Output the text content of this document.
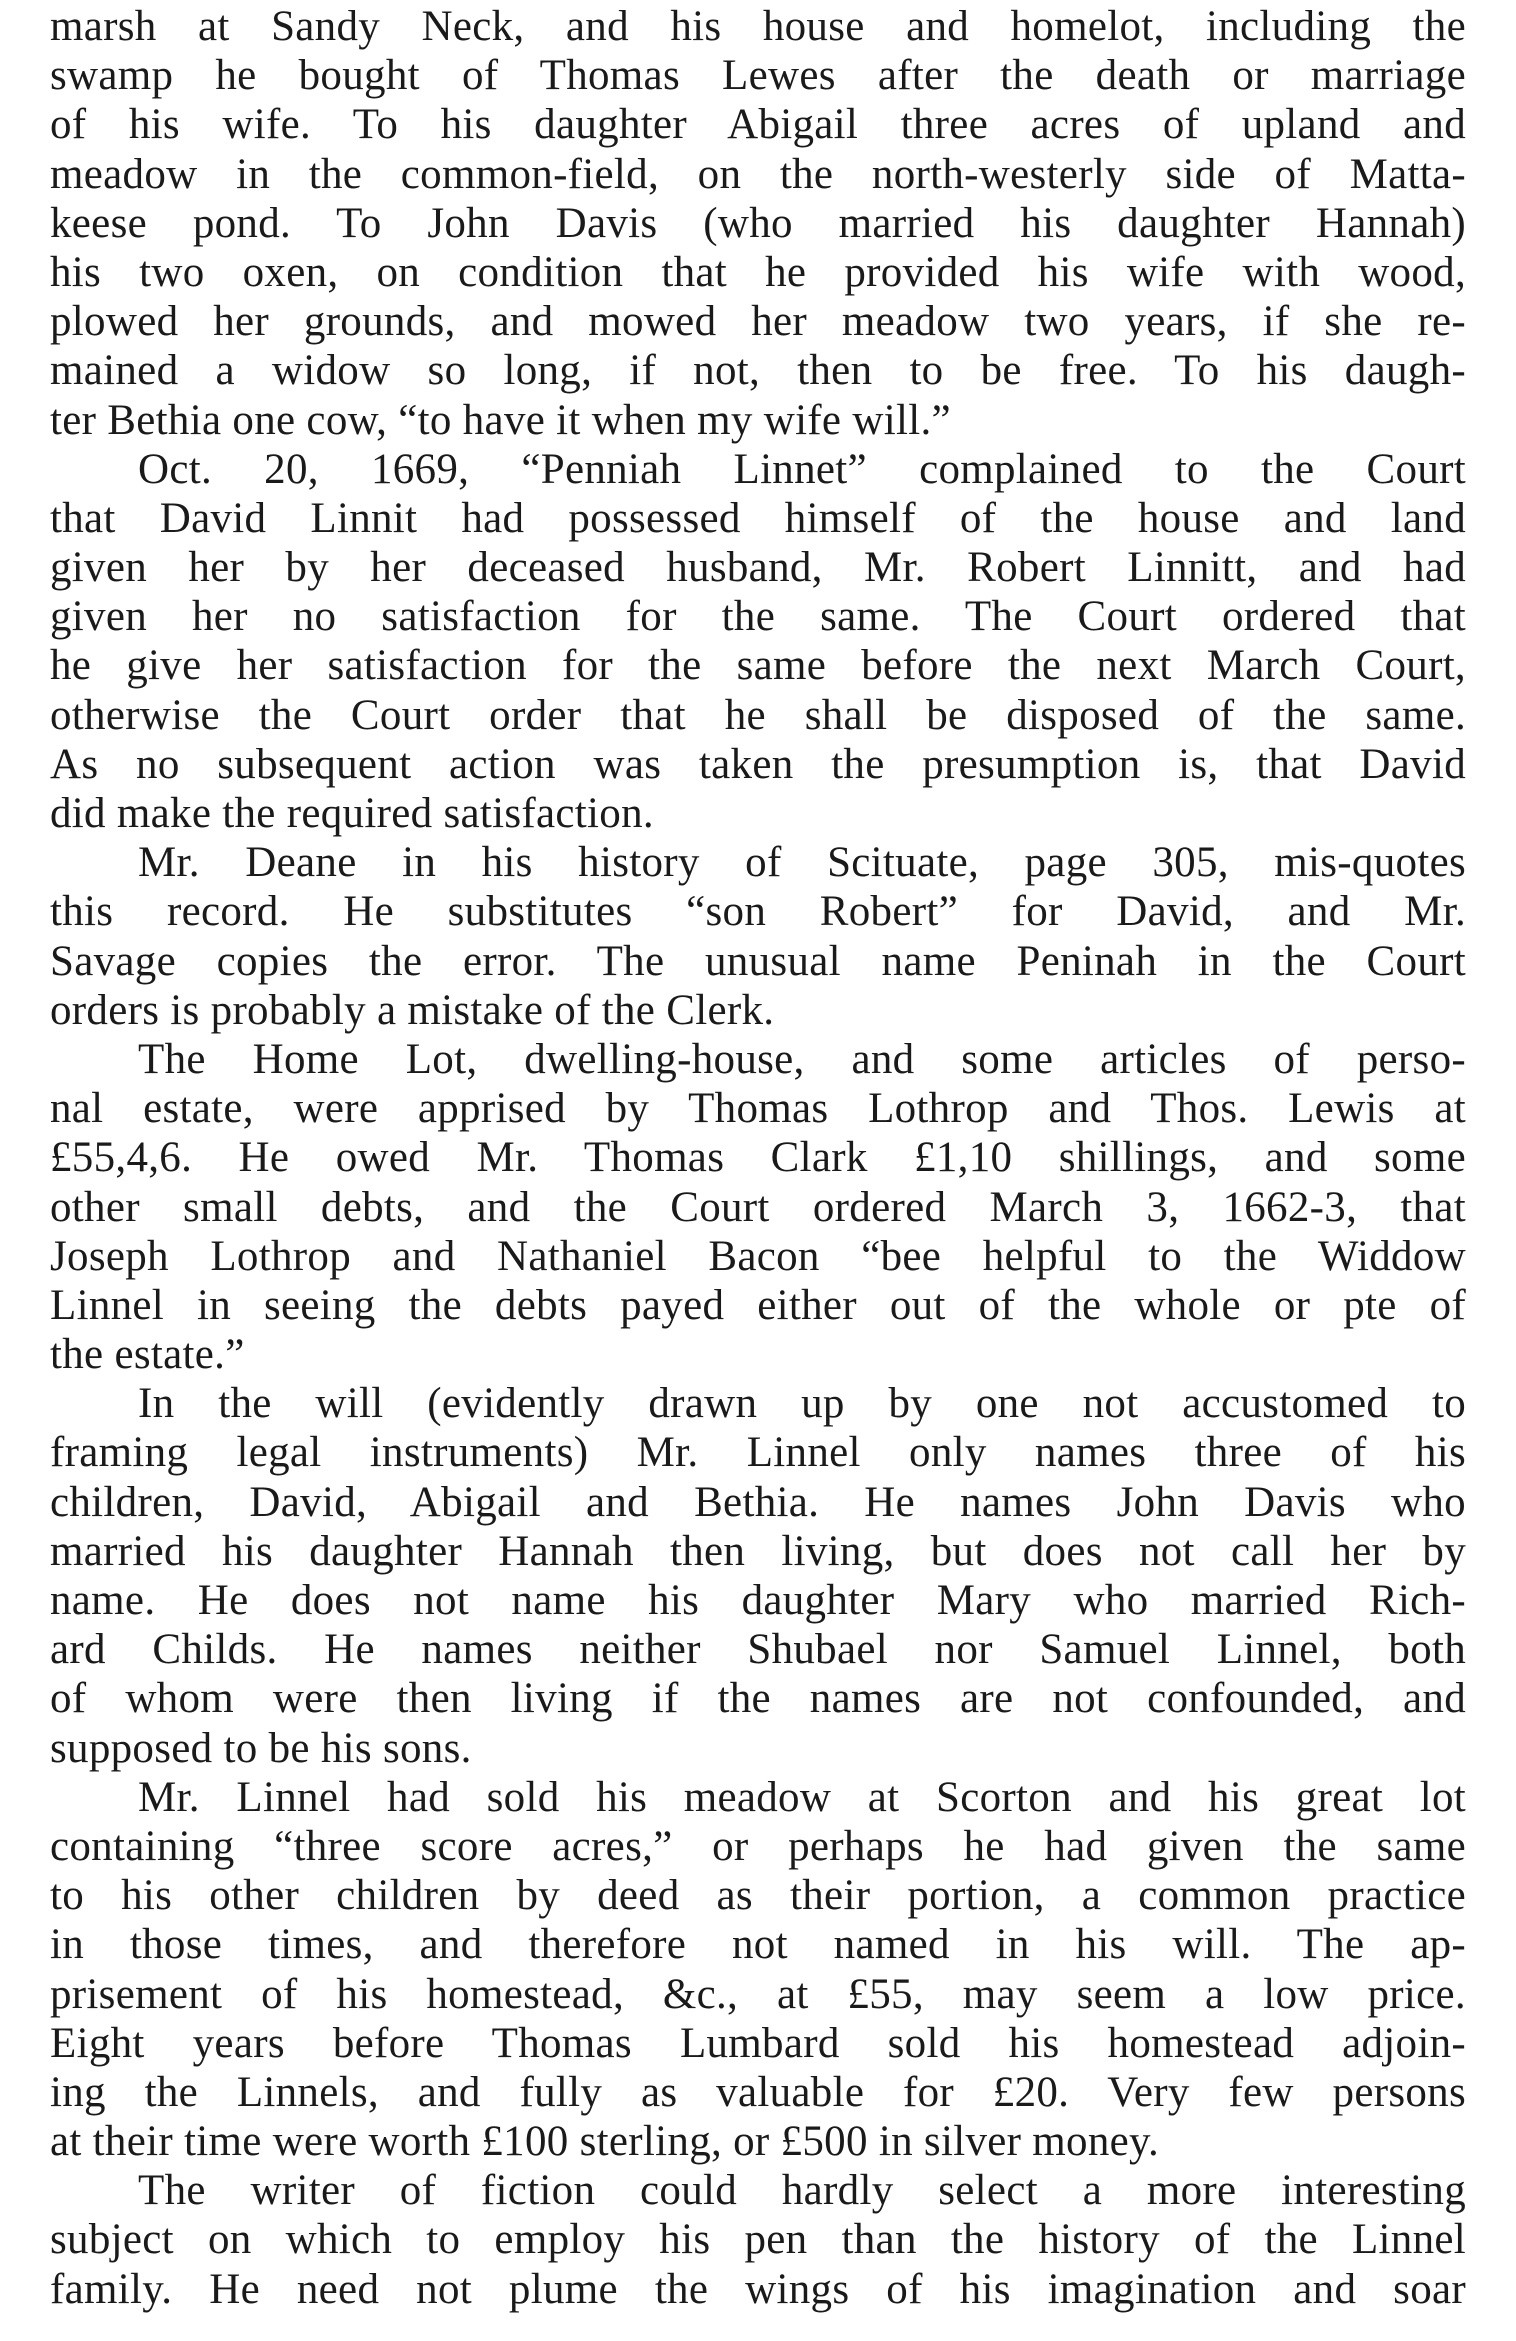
marsh at Sandy Neck, and his house and homelot, including the
swamp he bought of Thomas Lewes after the death or marriage
of his wife. To his daughter Abigail three acres of upland and
meadow in the common-field, on the north-westerly side of Matta-
keese pond. To John Davis (who married his daughter Hannah)
his two oxen, on condition that he provided his wife with wood,
plowed her grounds, and mowed her meadow two years, if she re-
mained a widow so long, if not, then to be free. To his daugh-
ter Bethia one cow, “to have it when my wife will.”
Oct. 20, 1669, “Penniah Linnet” complained to the Court
that David Linnit had possessed himself of the house and land
given her by her deceased husband, Mr. Robert Linnitt, and had
given her no satisfaction for the same. The Court ordered that
he give her satisfaction for the same before the next March Court,
otherwise the Court order that he shall be disposed of the same.
As no subsequent action was taken the presumption is, that David
did make the required satisfaction.
Mr. Deane in his history of Scituate, page 305, mis-quotes
this record. He substitutes “son Robert” for David, and Mr.
Savage copies the error. The unusual name Peninah in the Court
orders is probably a mistake of the Clerk.
The Home Lot, dwelling-house, and some articles of perso-
nal estate, were apprised by Thomas Lothrop and Thos. Lewis at
£55,4,6. He owed Mr. Thomas Clark £1,10 shillings, and some
other small debts, and the Court ordered March 3, 1662-3, that
Joseph Lothrop and Nathaniel Bacon “bee helpful to the Widdow
Linnel in seeing the debts payed either out of the whole or pte of
the estate.”
In the will (evidently drawn up by one not accustomed to
framing legal instruments) Mr. Linnel only names three of his
children, David, Abigail and Bethia. He names John Davis who
married his daughter Hannah then living, but does not call her by
name. He does not name his daughter Mary who married Rich-
ard Childs. He names neither Shubael nor Samuel Linnel, both
of whom were then living if the names are not confounded, and
supposed to be his sons.
Mr. Linnel had sold his meadow at Scorton and his great lot
containing “three score acres,” or perhaps he had given the same
to his other children by deed as their portion, a common practice
in those times, and therefore not named in his will. The ap-
prisement of his homestead, &c., at £55, may seem a low price.
Eight years before Thomas Lumbard sold his homestead adjoin-
ing the Linnels, and fully as valuable for £20. Very few persons
at their time were worth £100 sterling, or £500 in silver money.
The writer of fiction could hardly select a more interesting
subject on which to employ his pen than the history of the Linnel
family. He need not plume the wings of his imagination and soar
